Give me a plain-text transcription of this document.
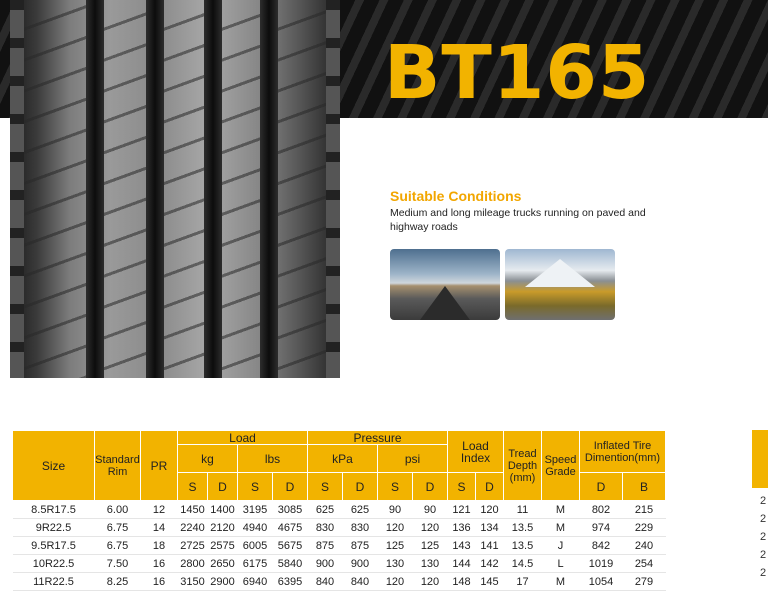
BT165
Suitable Conditions
Medium and long mileage trucks running on paved and highway roads
Size	Standard Rim	PR	Load				Pressure				Load Index		Tread Depth (mm)	Speed Grade	Inflated Tire Dimention(mm)	
			kg		lbs		kPa		psi							
			S	D	S	D	S	D	S	D	S	D			D	B
8.5R17.5	6.00	12	1450	1400	3195	3085	625	625	90	90	121	120	11	M	802	215
9R22.5	6.75	14	2240	2120	4940	4675	830	830	120	120	136	134	13.5	M	974	229
9.5R17.5	6.75	18	2725	2575	6005	5675	875	875	125	125	143	141	13.5	J	842	240
10R22.5	7.50	16	2800	2650	6175	5840	900	900	130	130	144	142	14.5	L	1019	254
11R22.5	8.25	16	3150	2900	6940	6395	840	840	120	120	148	145	17	M	1054	279
2
2
2
2
2
